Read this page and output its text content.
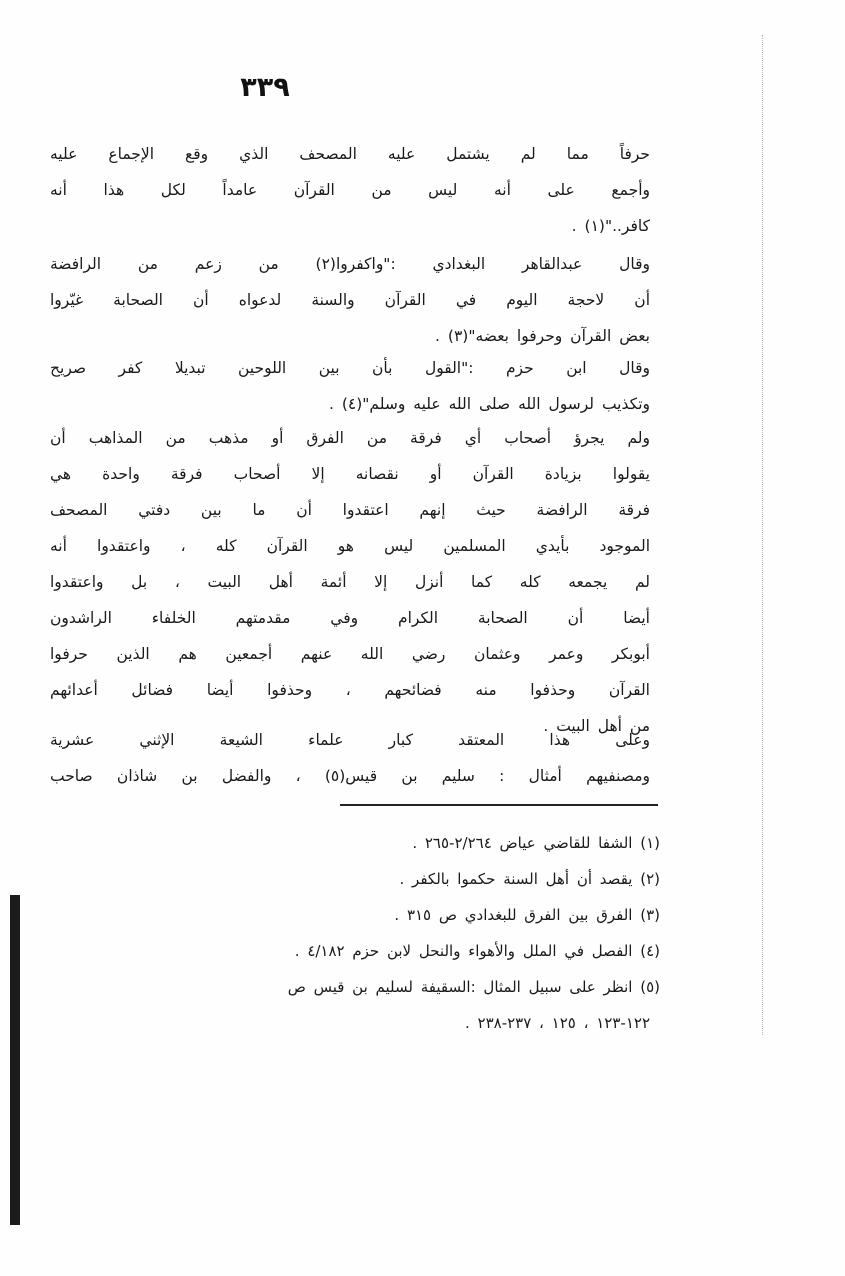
٣٣٩
حرفاً مما لم يشتمل عليه المصحف الذي وقع الإجماع عليه
وأجمع على أنه ليس من القرآن عامداً لكل هذا أنه
كافر.."(١) .
وقال عبدالقاهر البغدادي :"واكفروا(٢) من زعم من الرافضة
أن لاحجة اليوم في القرآن والسنة لدعواه أن الصحابة غيّروا
بعض القرآن وحرفوا بعضه"(٣) .
وقال ابن حزم :"القول بأن بين اللوحين تبديلا كفر صريح
وتكذيب لرسول الله صلى الله عليه وسلم"(٤) .
ولم يجرؤ أصحاب أي فرقة من الفرق أو مذهب من المذاهب أن
يقولوا بزيادة القرآن أو نقصانه إلا أصحاب فرقة واحدة هي
فرقة الرافضة حيث إنهم اعتقدوا أن ما بين دفتي المصحف
الموجود بأيدي المسلمين ليس هو القرآن كله ، واعتقدوا أنه
لم يجمعه كله كما أنزل إلا أئمة أهل البيت ، بل واعتقدوا
أيضا أن الصحابة الكرام وفي مقدمتهم الخلفاء الراشدون
أبوبكر وعمر وعثمان رضي الله عنهم أجمعين هم الذين حرفوا
القرآن وحذفوا منه فضائحهم ، وحذفوا أيضا فضائل أعدائهم
من أهل البيت .
وعلى هذا المعتقد كبار علماء الشيعة الإثني عشرية
ومصنفيهم أمثال : سليم بن قيس(٥) ، والفضل بن شاذان صاحب
(١) الشفا للقاضي عياض ٢/٢٦٤-٢٦٥ .
(٢) يقصد أن أهل السنة حكموا بالكفر .
(٣) الفرق بين الفرق للبغدادي ص ٣١٥ .
(٤) الفصل في الملل والأهواء والنحل لابن حزم ٤/١٨٢ .
(٥) انظر على سبيل المثال :السقيفة لسليم بن قيس ص
١٢٢-١٢٣ ، ١٢٥ ، ٢٣٧-٢٣٨ .
